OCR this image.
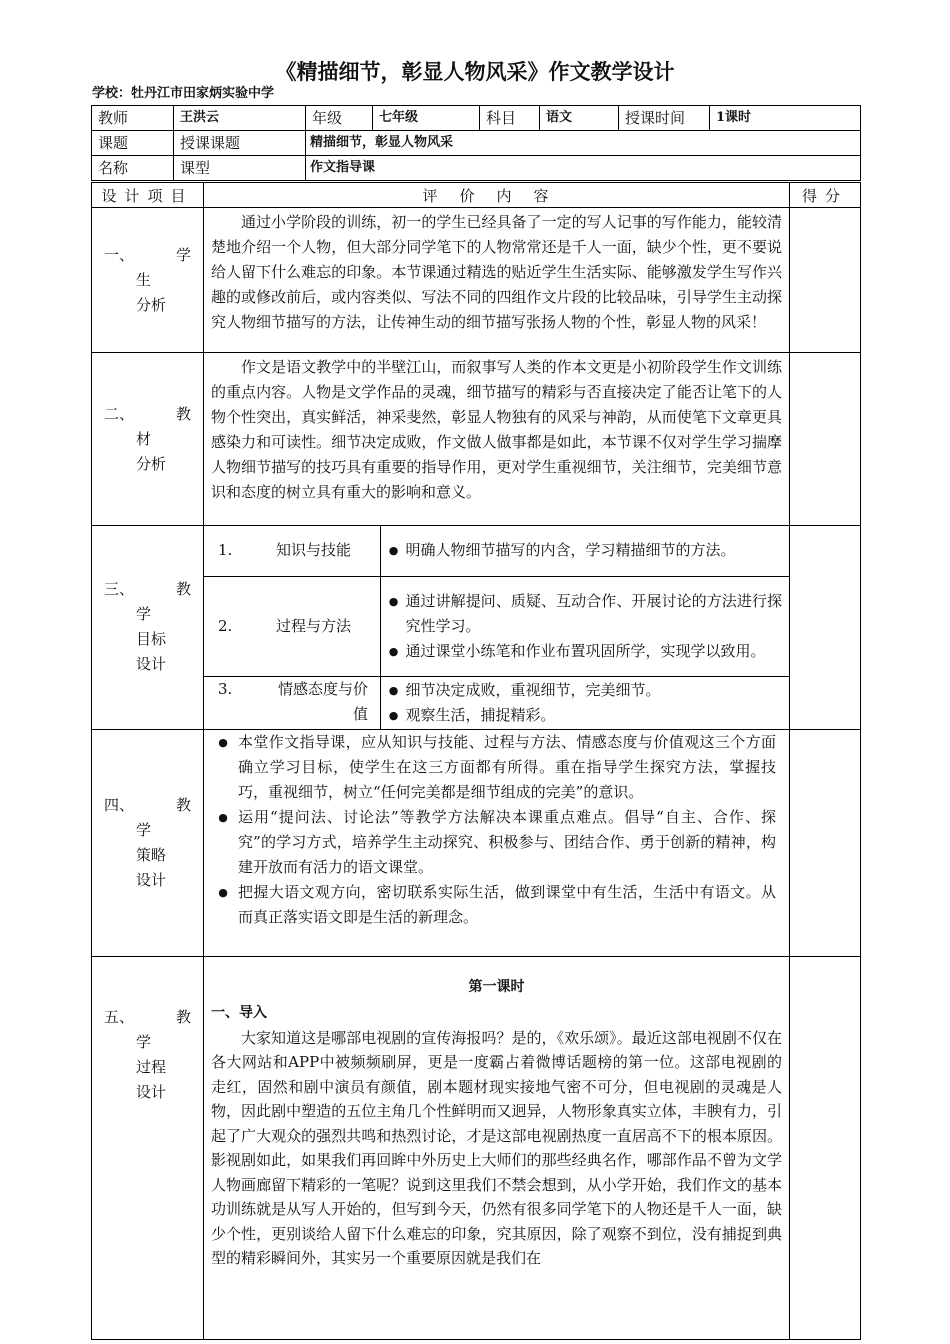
《精描细节，彰显人物风采》作文教学设计
学校：牡丹江市田家炳实验中学
教师	王洪云	年级	七年级	科目	语文	授课时间	1课时
课题	授课课题	精描细节，彰显人物风采					
名称	课型	作文指导课					
设计项目	评价内容	得分

一、	学
生
分析

通过小学阶段的训练，初一的学生已经具备了一定的写人记事的写作能力，能较清楚地介绍一个人物，但大部分同学笔下的人物常常还是千人一面，缺少个性，更不要说给人留下什么难忘的印象。本节课通过精选的贴近学生生活实际、能够激发学生写作兴趣的或修改前后，或内容类似、写法不同的四组作文片段的比较品味，引导学生主动探究人物细节描写的方法，让传神生动的细节描写张扬人物的个性，彰显人物的风采！

二、	教
材
分析

作文是语文教学中的半壁江山，而叙事写人类的作本文更是小初阶段学生作文训练的重点内容。人物是文学作品的灵魂，细节描写的精彩与否直接决定了能否让笔下的人物个性突出，真实鲜活，神采斐然，彰显人物独有的风采与神韵，从而使笔下文章更具感染力和可读性。细节决定成败，作文做人做事都是如此，本节课不仅对学生学习揣摩人物细节描写的技巧具有重要的指导作用，更对学生重视细节，关注细节，完美细节意识和态度的树立具有重大的影响和意义。

三、	教
学
目标
设计

1.	知识与技能	● 明确人物细节描写的内含，学习精描细节的方法。

2.	过程与方法	
● 通过讲解提问、质疑、互动合作、开展讨论的方法进行探究性学习。
● 通过课堂小练笔和作业布置巩固所学，实现学以致用。

3.	情感态度与价值

● 细节决定成败，重视细节，完美细节。
● 观察生活，捕捉精彩。

四、	教
学
策略
设计

● 本堂作文指导课，应从知识与技能、过程与方法、情感态度与价值观这三个方面确立学习目标，使学生在这三方面都有所得。重在指导学生探究方法，掌握技巧，重视细节，树立“任何完美都是细节组成的完美”的意识。
● 运用“提问法、讨论法”等教学方法解决本课重点难点。倡导“自主、合作、探究”的学习方式，培养学生主动探究、积极参与、团结合作、勇于创新的精神，构建开放而有活力的语文课堂。
● 把握大语文观方向，密切联系实际生活，做到课堂中有生活，生活中有语文。从而真正落实语文即是生活的新理念。

五、	教
学
过程
设计

第一课时
一、导入

大家知道这是哪部电视剧的宣传海报吗？是的，《欢乐颂》。最近这部电视剧不仅在各大网站和APP中被频频刷屏，更是一度霸占着微博话题榜的第一位。这部电视剧的走红，固然和剧中演员有颜值，剧本题材现实接地气密不可分，但电视剧的灵魂是人物，因此剧中塑造的五位主角几个性鲜明而又迥异，人物形象真实立体，丰腴有力，引起了广大观众的强烈共鸣和热烈讨论，才是这部电视剧热度一直居高不下的根本原因。影视剧如此，如果我们再回眸中外历史上大师们的那些经典名作，哪部作品不曾为文学人物画廊留下精彩的一笔呢？说到这里我们不禁会想到，从小学开始，我们作文的基本功训练就是从写人开始的，但写到今天，仍然有很多同学笔下的人物还是千人一面，缺少个性，更别谈给人留下什么难忘的印象，究其原因，除了观察不到位，没有捕捉到典型的精彩瞬间外，其实另一个重要原因就是我们在
